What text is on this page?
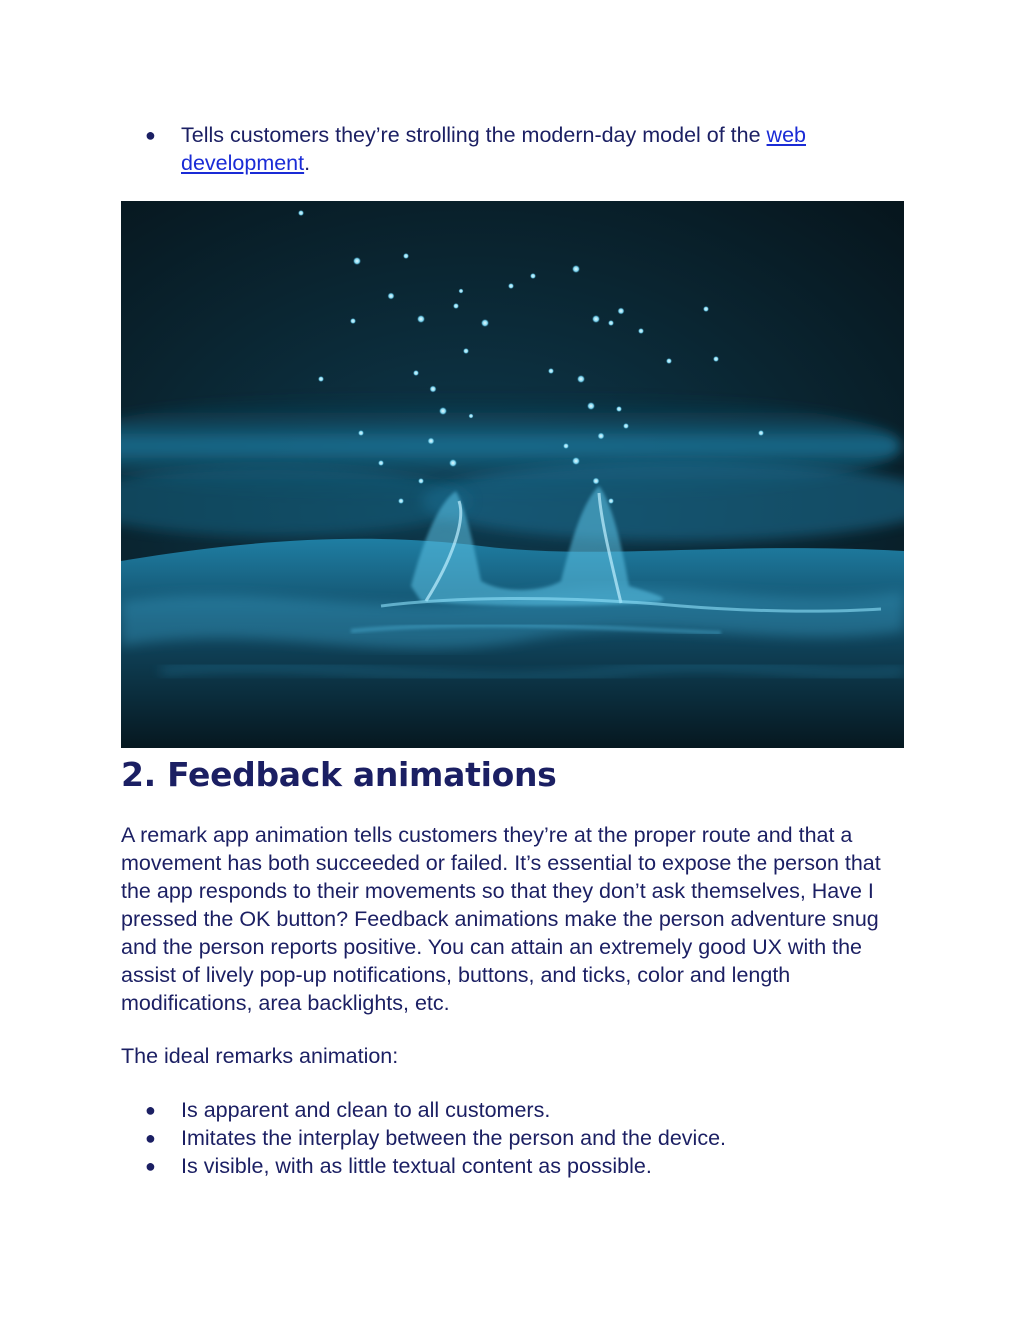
● Tells customers they’re strolling the modern-day model of the web development.
2. Feedback animations

A remark app animation tells customers they’re at the proper route and that a movement has both succeeded or failed. It’s essential to expose the person that the app responds to their movements so that they don’t ask themselves, Have I pressed the OK button? Feedback animations make the person adventure snug and the person reports positive. You can attain an extremely good UX with the assist of lively pop-up notifications, buttons, and ticks, color and length modifications, area backlights, etc.

The ideal remarks animation:

● Is apparent and clean to all customers.
● Imitates the interplay between the person and the device.
● Is visible, with as little textual content as possible.
